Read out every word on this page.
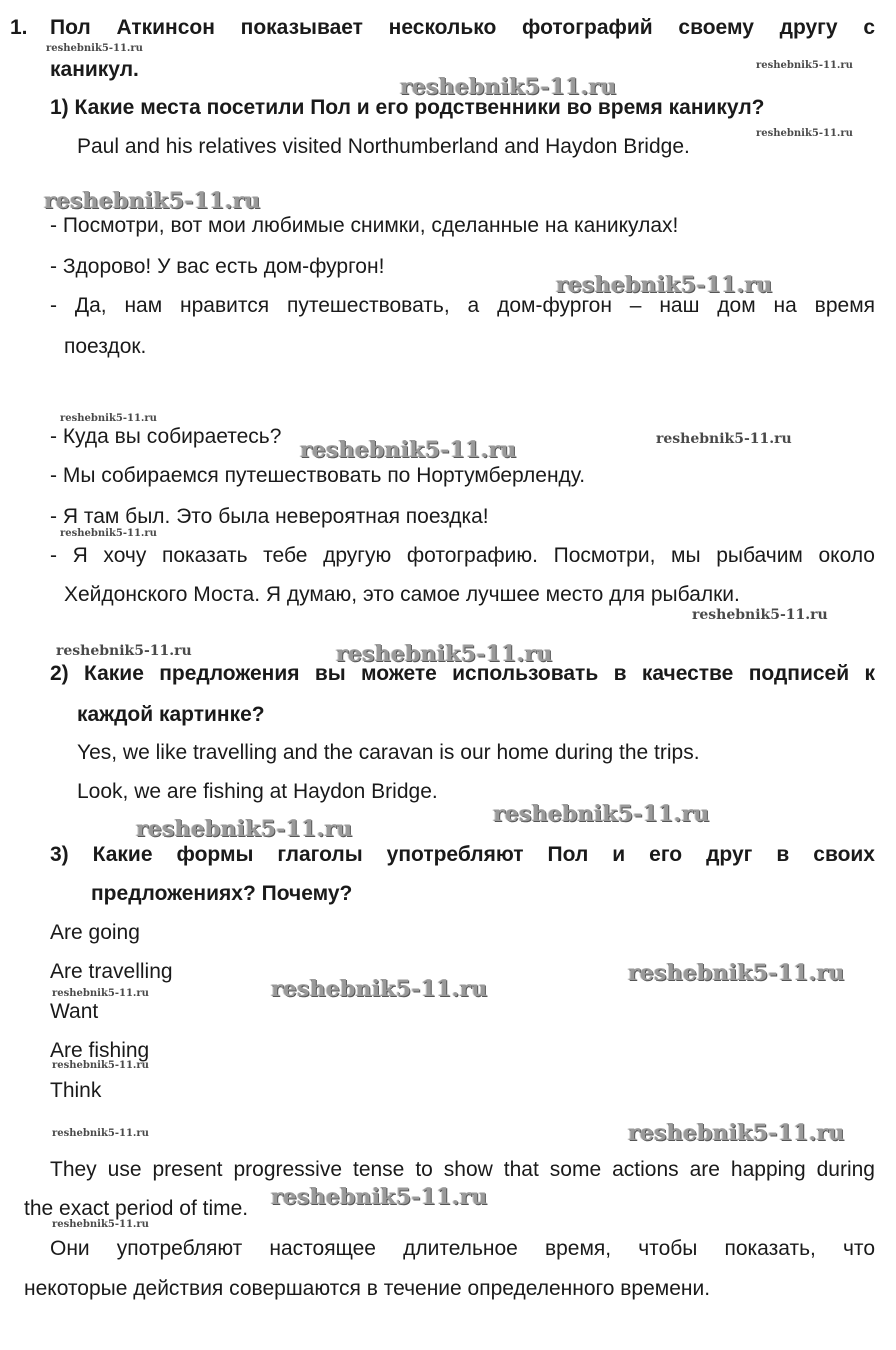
1. Пол Аткинсон показывает несколько фотографий своему другу с
каникул.
1) Какие места посетили Пол и его родственники во время каникул?
Paul and his relatives visited Northumberland and Haydon Bridge.
- Посмотри, вот мои любимые снимки, сделанные на каникулах!
- Здорово! У вас есть дом-фургон!
- Да, нам нравится путешествовать, а дом-фургон – наш дом на время
поездок.
- Куда вы собираетесь?
- Мы собираемся путешествовать по Нортумберленду.
- Я там был. Это была невероятная поездка!
- Я хочу показать тебе другую фотографию. Посмотри, мы рыбачим около
Хейдонского Моста. Я думаю, это самое лучшее место для рыбалки.
2) Какие предложения вы можете использовать в качестве подписей к
каждой картинке?
Yes, we like travelling and the caravan is our home during the trips.
Look, we are fishing at Haydon Bridge.
3) Какие формы глаголы употребляют Пол и его друг в своих
предложениях? Почему?
Are going
Are travelling
Want
Are fishing
Think
They use present progressive tense to show that some actions are happing during
the exact period of time.
Они употребляют настоящее длительное время, чтобы показать, что
некоторые действия совершаются в течение определенного времени.
reshebnik5-11.ru
reshebnik5-11.ru
reshebnik5-11.ru
reshebnik5-11.ru
reshebnik5-11.ru
reshebnik5-11.ru
reshebnik5-11.ru
reshebnik5-11.ru
reshebnik5-11.ru
reshebnik5-11.ru
reshebnik5-11.ru
reshebnik5-11.ru
reshebnik5-11.ru
reshebnik5-11.ru
reshebnik5-11.ru
reshebnik5-11.ru
reshebnik5-11.ru
reshebnik5-11.ru
reshebnik5-11.ru
reshebnik5-11.ru
reshebnik5-11.ru
reshebnik5-11.ru
reshebnik5-11.ru
